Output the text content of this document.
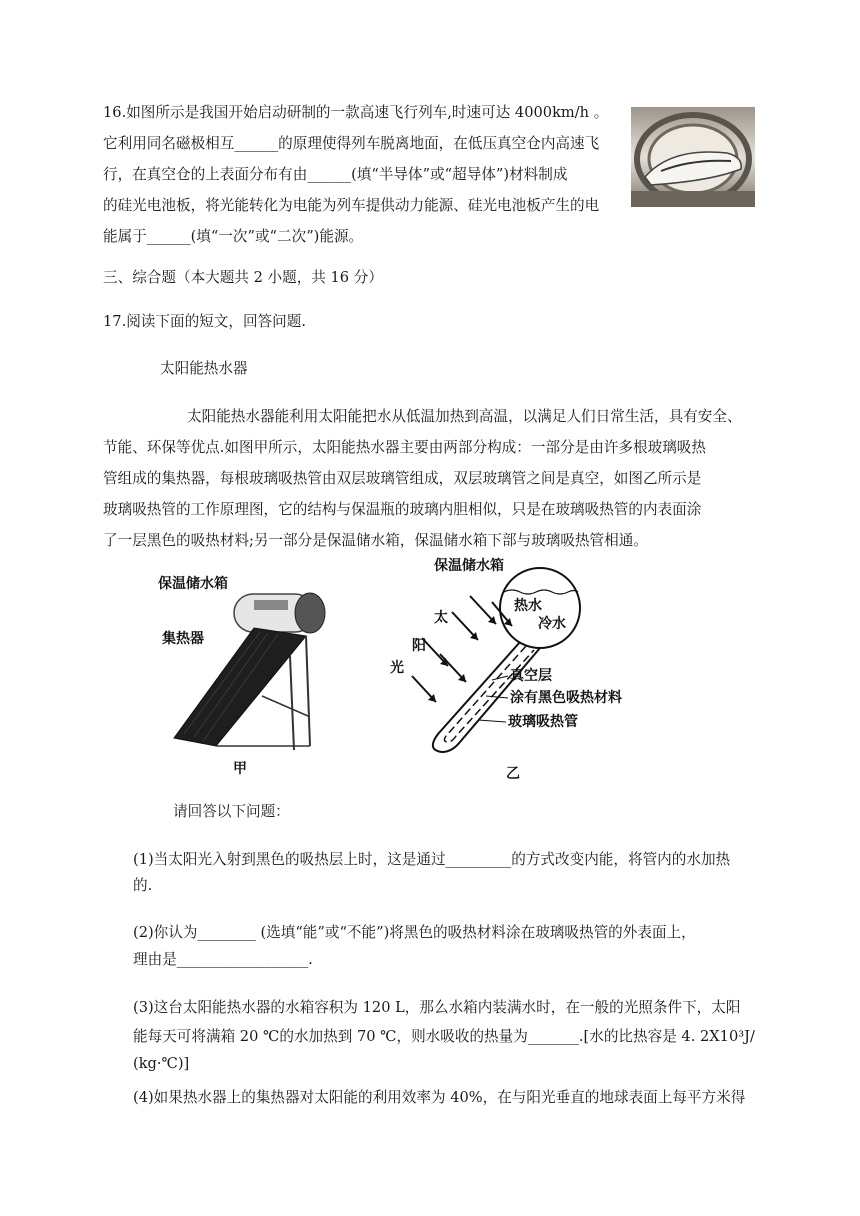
16.如图所示是我国开始启动研制的一款高速飞行列车,时速可达 4000km/h 。
它利用同名磁极相互______的原理使得列车脱离地面，在低压真空仓内高速飞
行，在真空仓的上表面分布有由______(填“半导体”或“超导体”)材料制成
的硅光电池板，将光能转化为电能为列车提供动力能源、硅光电池板产生的电
能属于______(填“一次”或“二次”)能源。
三、综合题（本大题共 2 小题，共 16 分）
17.阅读下面的短文，回答问题.
太阳能热水器
太阳能热水器能利用太阳能把水从低温加热到高温，以满足人们日常生活，具有安全、
节能、环保等优点.如图甲所示，太阳能热水器主要由两部分构成：一部分是由许多根玻璃吸热
管组成的集热器，每根玻璃吸热管由双层玻璃管组成，双层玻璃管之间是真空，如图乙所示是
玻璃吸热管的工作原理图，它的结构与保温瓶的玻璃内胆相似，只是在玻璃吸热管的内表面涂
了一层黑色的吸热材料;另一部分是保温储水箱，保温储水箱下部与玻璃吸热管相通。
保温储水箱
集热器
甲
保温储水箱
热水
冷水
太
阳
光	真空层
涂有黑色吸热材料
玻璃吸热管
乙
请回答以下问题：
(1)当太阳光入射到黑色的吸热层上时，这是通过_________的方式改变内能，将管内的水加热
的.
(2)你认为________ (选填“能”或“不能”)将黑色的吸热材料涂在玻璃吸热管的外表面上，
理由是__________________.
(3)这台太阳能热水器的水箱容积为 120 L，那么水箱内装满水时，在一般的光照条件下，太阳
能每天可将满箱 20 ℃的水加热到 70 ℃，则水吸收的热量为_______.[水的比热容是 4. 2X10³J/
(kg·℃)]
(4)如果热水器上的集热器对太阳能的利用效率为 40%，在与阳光垂直的地球表面上每平方米得
